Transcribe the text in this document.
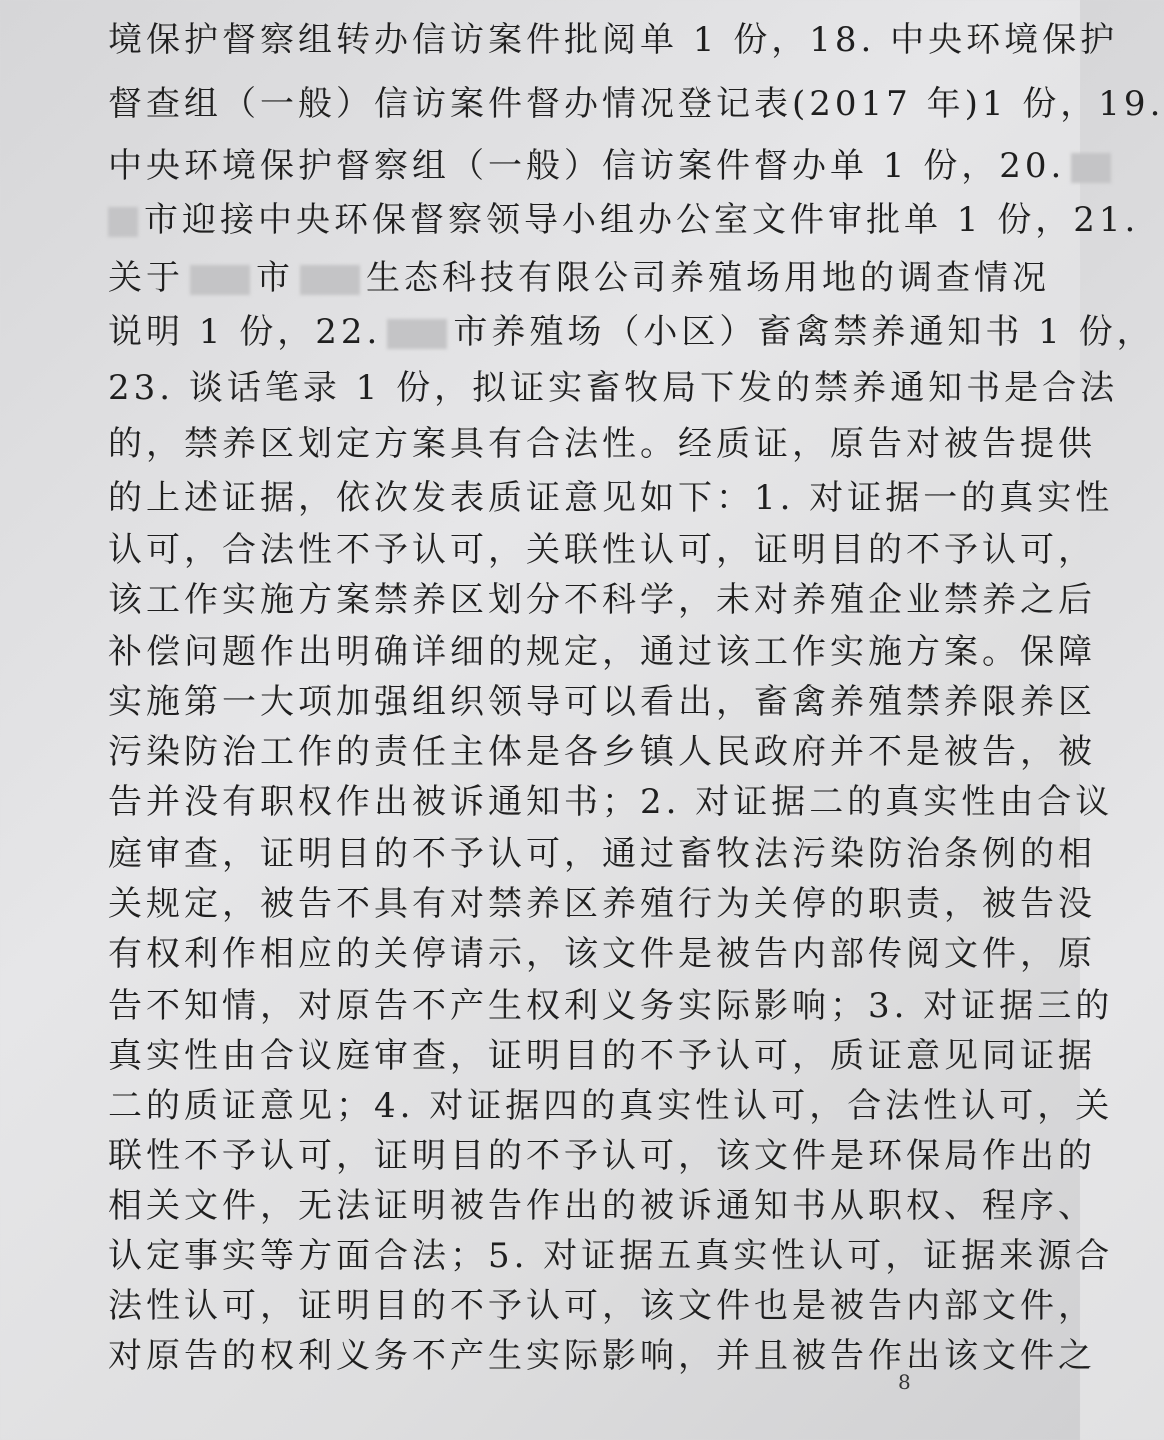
境保护督察组转办信访案件批阅单 1 份，18. 中央环境保护
督查组（一般）信访案件督办情况登记表(2017 年)1 份，19.
中央环境保护督察组（一般）信访案件督办单 1 份，20.
市迎接中央环保督察领导小组办公室文件审批单 1 份，21.
关于 市 生态科技有限公司养殖场用地的调查情况
说明 1 份，22. 市养殖场（小区）畜禽禁养通知书 1 份，
23. 谈话笔录 1 份，拟证实畜牧局下发的禁养通知书是合法
的，禁养区划定方案具有合法性。经质证，原告对被告提供
的上述证据，依次发表质证意见如下：1. 对证据一的真实性
认可，合法性不予认可，关联性认可，证明目的不予认可，
该工作实施方案禁养区划分不科学，未对养殖企业禁养之后
补偿问题作出明确详细的规定，通过该工作实施方案。保障
实施第一大项加强组织领导可以看出，畜禽养殖禁养限养区
污染防治工作的责任主体是各乡镇人民政府并不是被告，被
告并没有职权作出被诉通知书；2. 对证据二的真实性由合议
庭审查，证明目的不予认可，通过畜牧法污染防治条例的相
关规定，被告不具有对禁养区养殖行为关停的职责，被告没
有权利作相应的关停请示，该文件是被告内部传阅文件，原
告不知情，对原告不产生权利义务实际影响；3. 对证据三的
真实性由合议庭审查，证明目的不予认可，质证意见同证据
二的质证意见；4. 对证据四的真实性认可，合法性认可，关
联性不予认可，证明目的不予认可，该文件是环保局作出的
相关文件，无法证明被告作出的被诉通知书从职权、程序、
认定事实等方面合法；5. 对证据五真实性认可，证据来源合
法性认可，证明目的不予认可，该文件也是被告内部文件，
对原告的权利义务不产生实际影响，并且被告作出该文件之
8
